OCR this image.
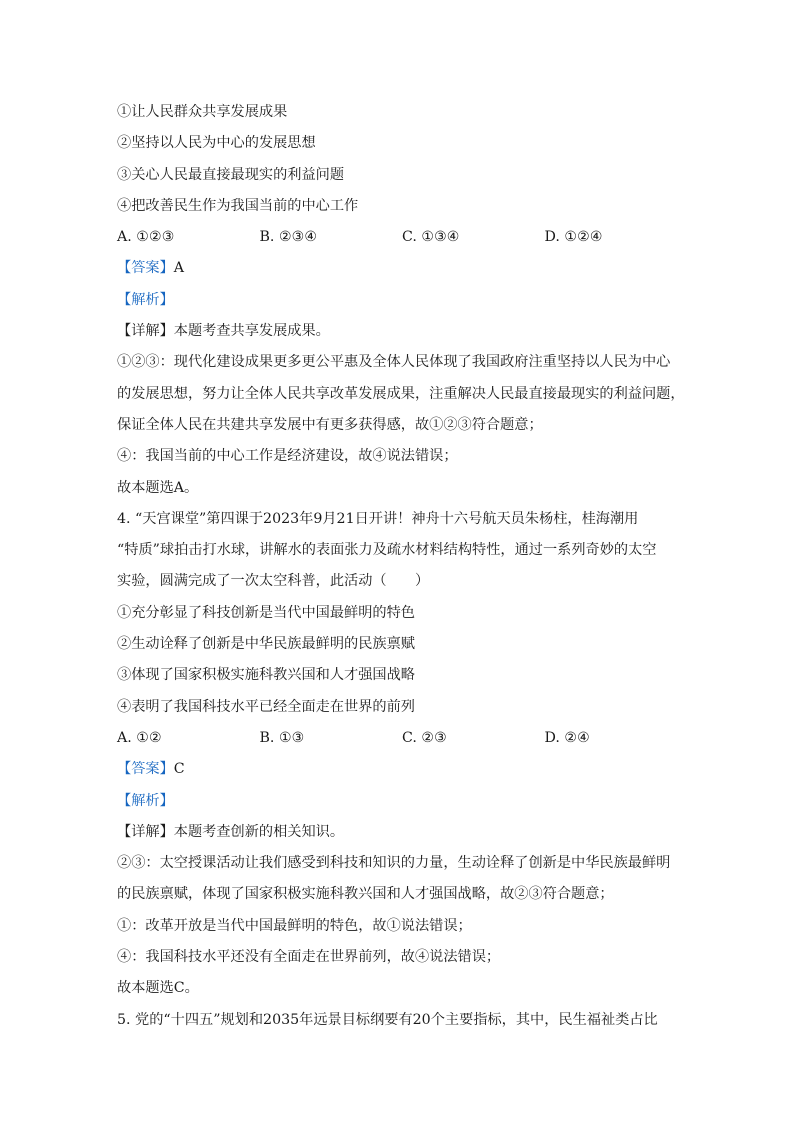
①让人民群众共享发展成果
②坚持以人民为中心的发展思想
③关心人民最直接最现实的利益问题
④把改善民生作为我国当前的中心工作
A. ①②③	B. ②③④	C. ①③④	D. ①②④
【答案】A
【解析】
【详解】本题考查共享发展成果。
①②③：现代化建设成果更多更公平惠及全体人民体现了我国政府注重坚持以人民为中心
的发展思想，努力让全体人民共享改革发展成果，注重解决人民最直接最现实的利益问题，
保证全体人民在共建共享发展中有更多获得感，故①②③符合题意；
④：我国当前的中心工作是经济建设，故④说法错误；
故本题选A。
4. “天宫课堂”第四课于2023年9月21日开讲！神舟十六号航天员朱杨柱，桂海潮用
“特质”球拍击打水球，讲解水的表面张力及疏水材料结构特性，通过一系列奇妙的太空
实验，圆满完成了一次太空科普，此活动（　　）
①充分彰显了科技创新是当代中国最鲜明的特色
②生动诠释了创新是中华民族最鲜明的民族禀赋
③体现了国家积极实施科教兴国和人才强国战略
④表明了我国科技水平已经全面走在世界的前列
A. ①②	B. ①③	C. ②③	D. ②④
【答案】C
【解析】
【详解】本题考查创新的相关知识。
②③：太空授课活动让我们感受到科技和知识的力量，生动诠释了创新是中华民族最鲜明
的民族禀赋，体现了国家积极实施科教兴国和人才强国战略，故②③符合题意；
①：改革开放是当代中国最鲜明的特色，故①说法错误；
④：我国科技水平还没有全面走在世界前列，故④说法错误；
故本题选C。
5. 党的“十四五”规划和2035年远景目标纲要有20个主要指标，其中，民生福祉类占比
